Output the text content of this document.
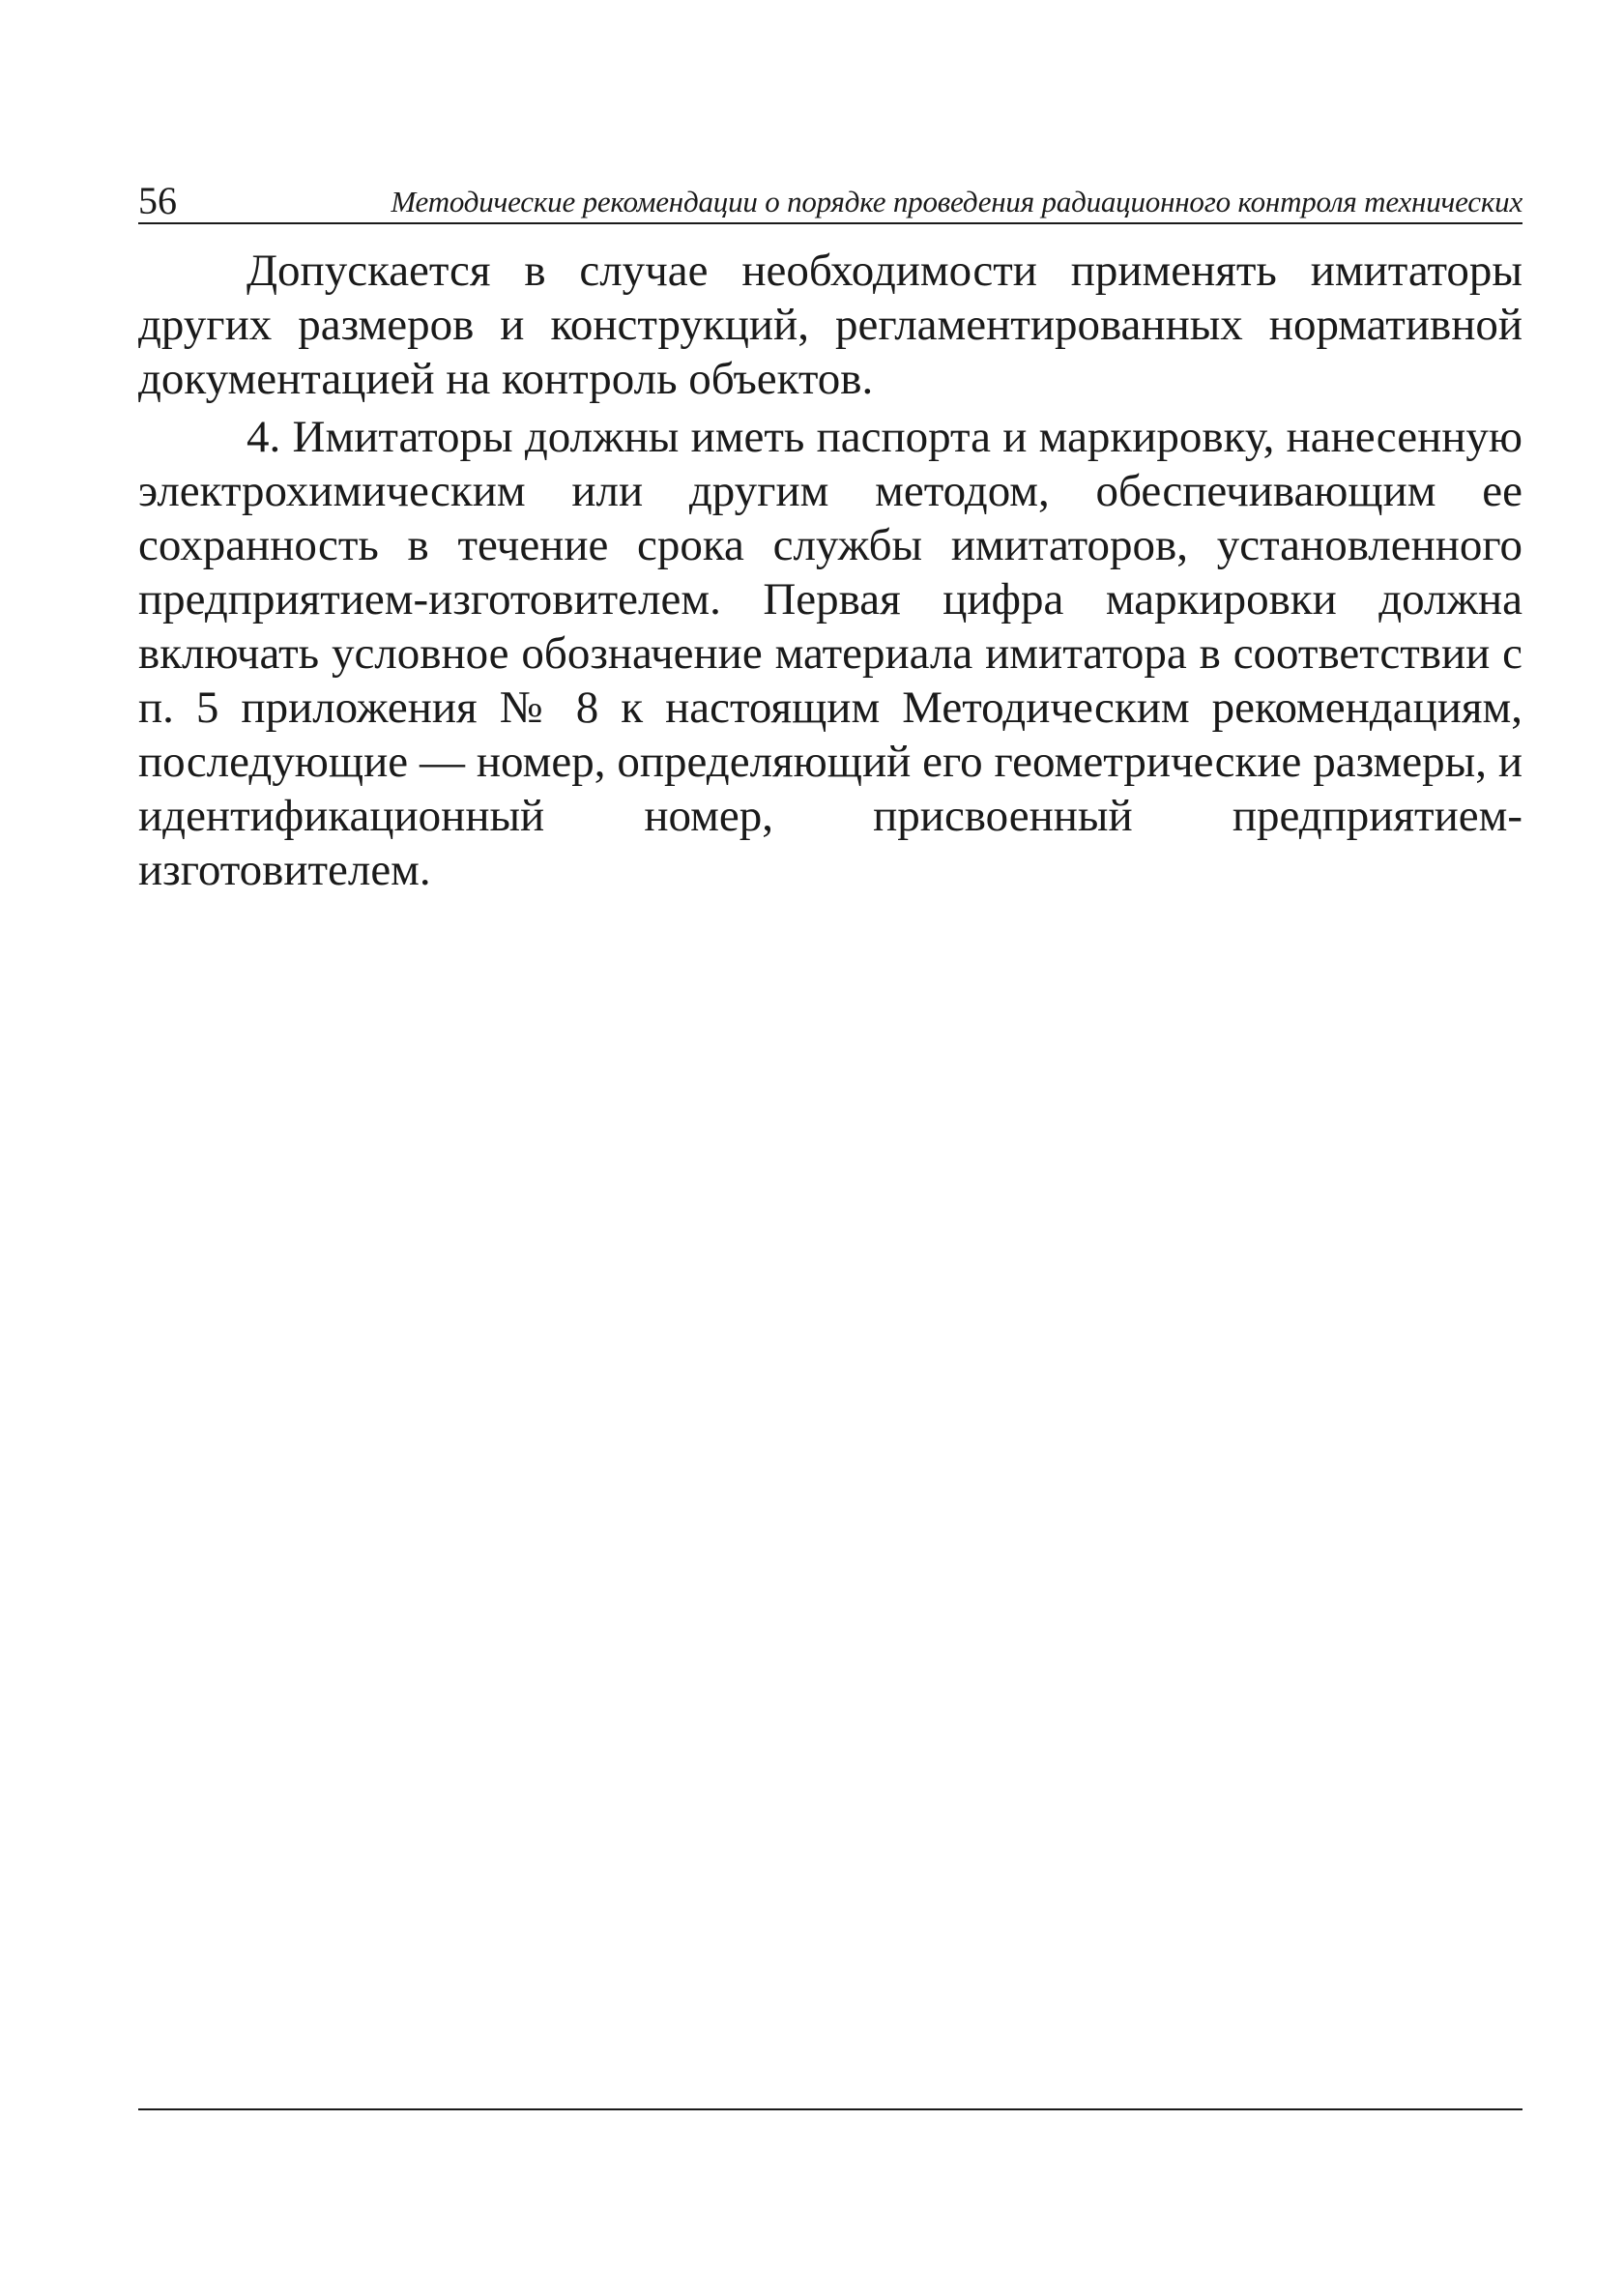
56	Методические рекомендации о порядке проведения радиационного контроля технических

Допускается в случае необходимости применять имитаторы других размеров и конструкций, регламентированных нормативной документацией на контроль объектов.

4. Имитаторы должны иметь паспорта и маркировку, нанесенную электрохимическим или другим методом, обеспечивающим ее сохранность в течение срока службы имитаторов, установленного предприятием-изготовителем. Первая цифра маркировки должна включать условное обозначение материала имитатора в соответствии с п. 5 приложения № 8 к настоящим Методическим рекомендациям, последующие — номер, определяющий его геометрические размеры, и идентификационный номер, присвоенный предприятием-изготовителем.
